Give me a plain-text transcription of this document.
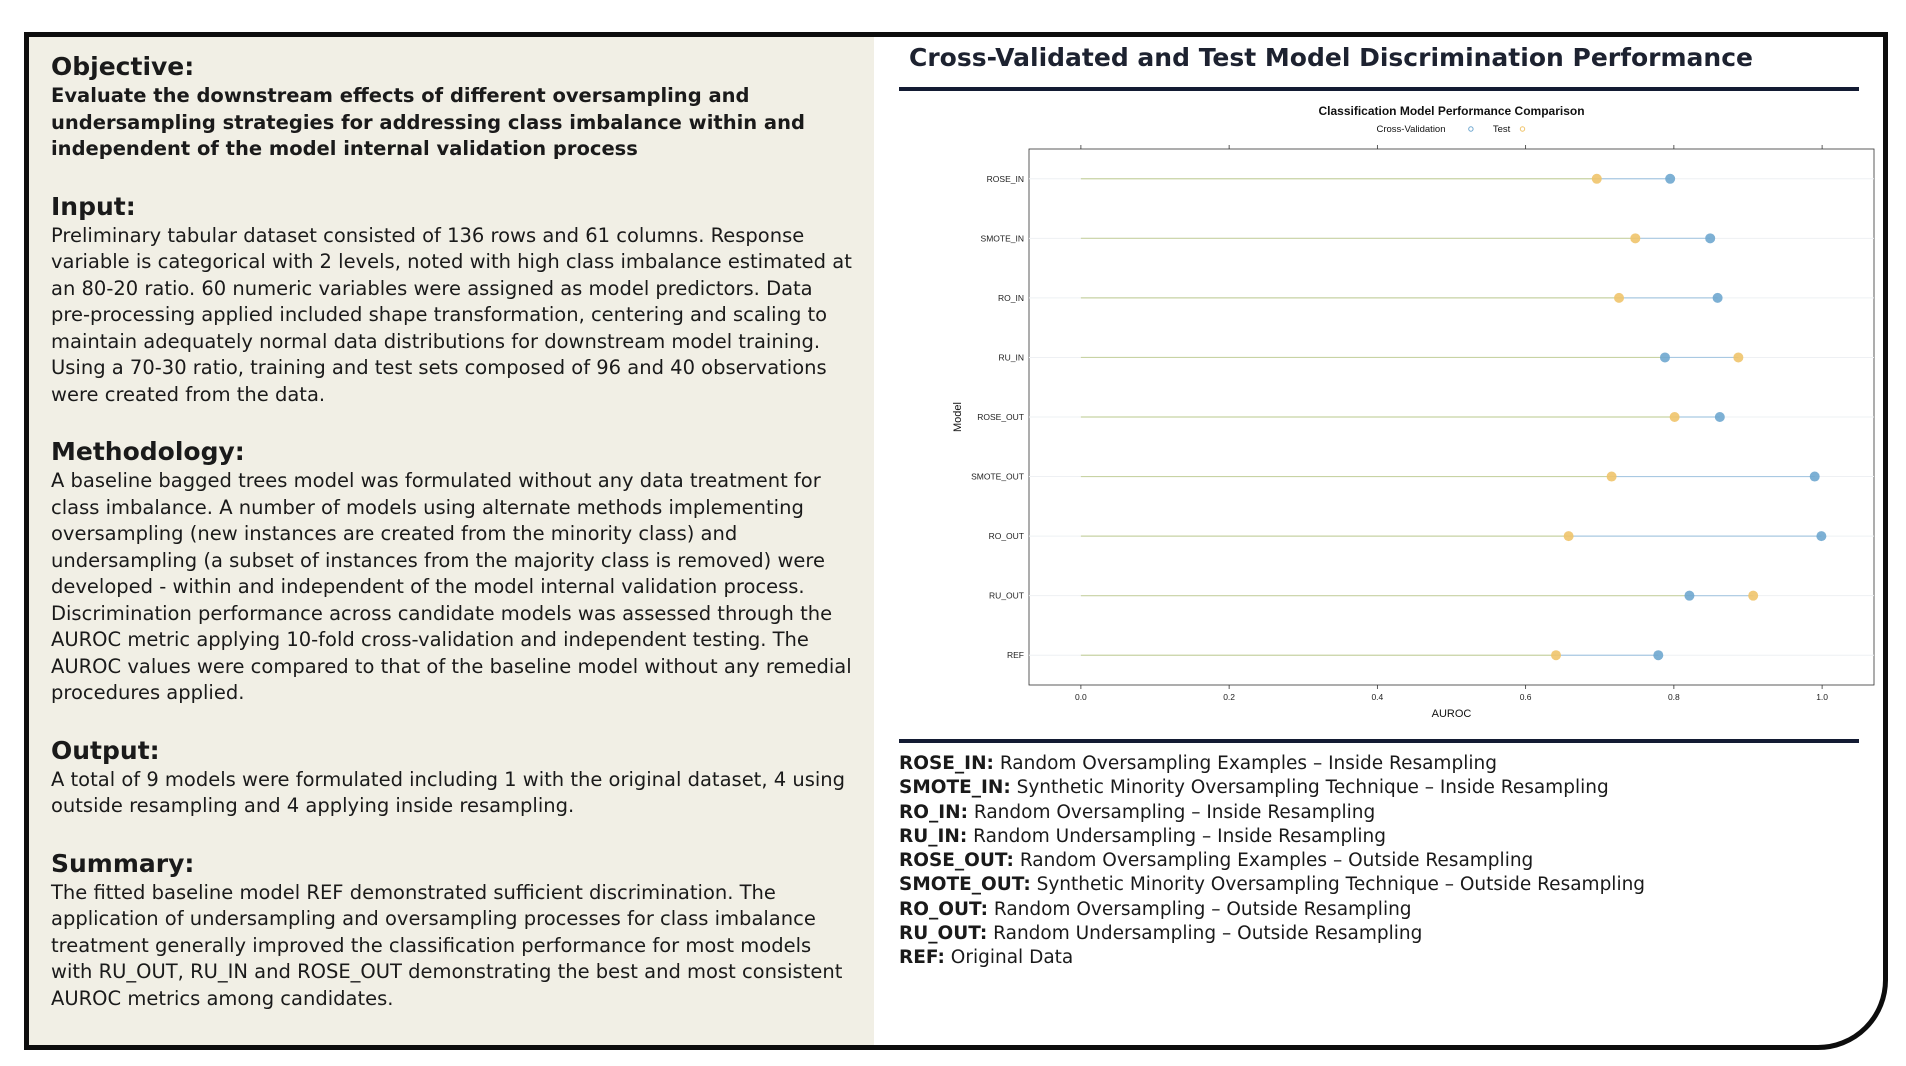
Objective:

Evaluate the downstream effects of different oversampling and undersampling strategies for addressing class imbalance within and independent of the model internal validation process

Input:

Preliminary tabular dataset consisted of 136 rows and 61 columns. Response variable is categorical with 2 levels, noted with high class imbalance estimated at an 80-20 ratio. 60 numeric variables were assigned as model predictors. Data pre-processing applied included shape transformation, centering and scaling to maintain adequately normal data distributions for downstream model training. Using a 70-30 ratio, training and test sets composed of 96 and 40 observations were created from the data.

Methodology:

A baseline bagged trees model was formulated without any data treatment for class imbalance. A number of models using alternate methods implementing oversampling (new instances are created from the minority class) and undersampling (a subset of instances from the majority class is removed) were developed - within and independent of the model internal validation process. Discrimination performance across candidate models was assessed through the AUROC metric applying 10-fold cross-validation and independent testing. The AUROC values were compared to that of the baseline model without any remedial procedures applied.

Output:

A total of 9 models were formulated including 1 with the original dataset, 4 using outside resampling and 4 applying inside resampling.

Summary:

The fitted baseline model REF demonstrated sufficient discrimination. The application of undersampling and oversampling processes for class imbalance treatment generally improved the classification performance for most models with RU_OUT, RU_IN and ROSE_OUT demonstrating the best and most consistent AUROC metrics among candidates.

Cross-Validated and Test Model Discrimination Performance
Classification Model Performance Comparison
Cross-Validation	Test
0.0	0.2	0.4	0.6	0.8	1.0
AUROC
Model
ROSE_IN
SMOTE_IN
RO_IN
RU_IN
ROSE_OUT
SMOTE_OUT
RO_OUT
RU_OUT
REF
ROSE_IN: Random Oversampling Examples – Inside Resampling
SMOTE_IN: Synthetic Minority Oversampling Technique – Inside Resampling
RO_IN: Random Oversampling – Inside Resampling
RU_IN: Random Undersampling – Inside Resampling
ROSE_OUT: Random Oversampling Examples – Outside Resampling
SMOTE_OUT: Synthetic Minority Oversampling Technique – Outside Resampling
RO_OUT: Random Oversampling – Outside Resampling
RU_OUT: Random Undersampling – Outside Resampling
REF: Original Data
